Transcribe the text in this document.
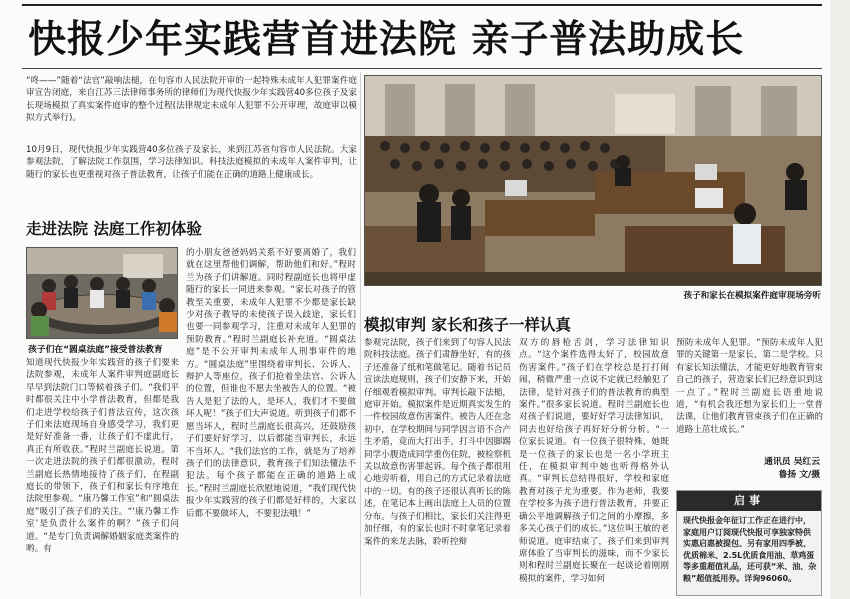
快报少年实践营首进法院 亲子普法助成长
“咚——”随着“法官”敲响法槌，在句容市人民法院开审的一起特殊未成年人犯罪案件庭审宣告闭庭，来自江苏三法律师事务所的律师们为现代快报少年实践营40多位孩子及家长现场模拟了真实案件庭审的整个过程(法律规定未成年人犯罪不公开审理，故庭审以模拟方式举行)。
10月9日，现代快报少年实践营40多位孩子及家长，来到江苏省句容市人民法院。大家参观法院，了解法院工作氛围，学习法律知识。科技法庭模拟的未成年人案件审判，让随行的家长也更重视对孩子普法教育，让孩子们能在正确的道路上健康成长。
走进法院 法庭工作初体验
孩子们在“圆桌法庭”接受普法教育
知道现代快报少年实践营的孩子们要来法院参观，未成年人案件审判庭副庭长早早到法院门口等候着孩子们。“我们平时都很关注中小学普法教育，但都是我们走进学校给孩子们普法宣传，这次孩子们来法庭现场自身感受学习，我们更是好好准备一番，让孩子们不虚此行，真正有所收获。”程时兰副庭长说道。第一次走进法院的孩子们都很激动，程时兰副庭长热情地接待了孩子们，在程副庭长的带领下，孩子们和家长有序地在法院里参观。“康乃馨工作室”和“圆桌法庭”吸引了孩子们的关注。“‘康乃馨工作室’是负责什么案件的啊？”孩子们问道。“是专门负责调解婚姻家庭类案件的哟。有
的小朋友爸爸妈妈关系不好要离婚了，我们就在这里帮他们调解，帮助他们和好。”程时兰为孩子们讲解道。同时程副庭长也将甲虚随行的家长一同进来参观。“家长对孩子的管教至关重要，未成年人犯罪不少都是家长缺少对孩子教导的未使孩子误入歧途，家长们也要一同参观学习，注重对未成年人犯罪的预防教育。”程时兰副庭长补充道。“圆桌法庭”是不公开审判未成年人刑事审件的地方。“圆桌法庭”里围绕着审判长、公诉人、辩护人等座位，孩子们抢着坐法官、公诉人的位置，但谁也不愿去坐被告人的位置。“被告人是犯了法的人，是坏人，我们才不要做坏人呢！”孩子们大声说道。听到孩子们都不愿当坏人，程时兰副庭长很高兴，还鼓励孩子们要好好学习，以后都能当审判长，永远不当坏人。“我们法官的工作，就是为了培养孩子们的法律意识，教育孩子们知法懂法不犯法。每个孩子都能在正确的道路上成长。”程时兰副庭长欣慰地说道，“我们现代快报少年实践营的孩子们都是好样的，大家以后都不要做坏人，不要犯法哦！”
孩子和家长在模拟案件庭审现场旁听
模拟审判 家长和孩子一样认真
参观完法院，孩子们来到了句容人民法院科技法庭。孩子们肃静坐好，有的孩子还准备了纸和笔做笔记。随着书记员宣读法庭规则，孩子们安静下来，开始仔细观看模拟审判。审判长敲下法槌，庭审开始。模拟案件是近期真实发生的一件校园故意伤害案件。被告人还在念初中，在学校期间与同学因言语不合产生矛盾，竟而大打出手，打斗中因脚踢同学小腹造成同学重伤住院，被检察机关以故意伤害罪起诉。每个孩子都很用心地旁听着，用自己的方式记录着法庭中的一切。有的孩子还很认真听长的陈述，在笔记本上画出法庭上人员的位置分布。与孩子们相比，家长们关注得更加仔细，有的家长也时不时拿笔记录着案件的来龙去脉，聆听控辩
双方的唇枪舌剑，学习法律知识点。“这个案件选得太好了，校园故意伤害案件。”孩子们在学校总是打打闹闹，稍微严重一点说不定就已经触犯了法律，是针对孩子们的普法教育的典型案件。”很多家长说道。程时兰副庭长也对孩子们说道，要好好学习法律知识，同去也好给孩子再好好分析分析。“一位家长说道。有一位孩子很特殊，她既是一位孩子的家长也是一名小学班主任，在模拟审判中她也听得格外认真。“审判长总结得很好，学校和家庭教育对孩子尤为重要。作为老师，我要在学校多为孩子进行普法教育，并要正确公平地调解孩子们之间的小摩擦，多多关心孩子们的成长。”这位叫王敏的老师说道。庭审结束了，孩子们来到审判席体验了当审判长的滋味，而不少家长则和程时兰副庭长聚在一起谈论着刚刚模拟的案件，学习如何
预防未成年人犯罪。“预防未成年人犯罪的关键第一是家长，第二是学校。只有家长知法懂法，才能更好地教育管束自己的孩子，营造家长们已经意识到这一点了。”程时兰副庭长语重地说道，“有机会我还想为家长们上一堂普法课，让他们教育管束孩子们在正确的道路上茁壮成长。”
通讯员 吴红云
鲁扬 文/摄
启事
现代快报金年征订工作正在进行中，家庭用户订阅现代快报可享独家特供实惠启惠被提包、另有家用四季被、优质棉米、2.5L优质食用油、草鸡蛋等多重超值礼品，还可获“米、油、杂粮”超值抵用券。详询96060。
